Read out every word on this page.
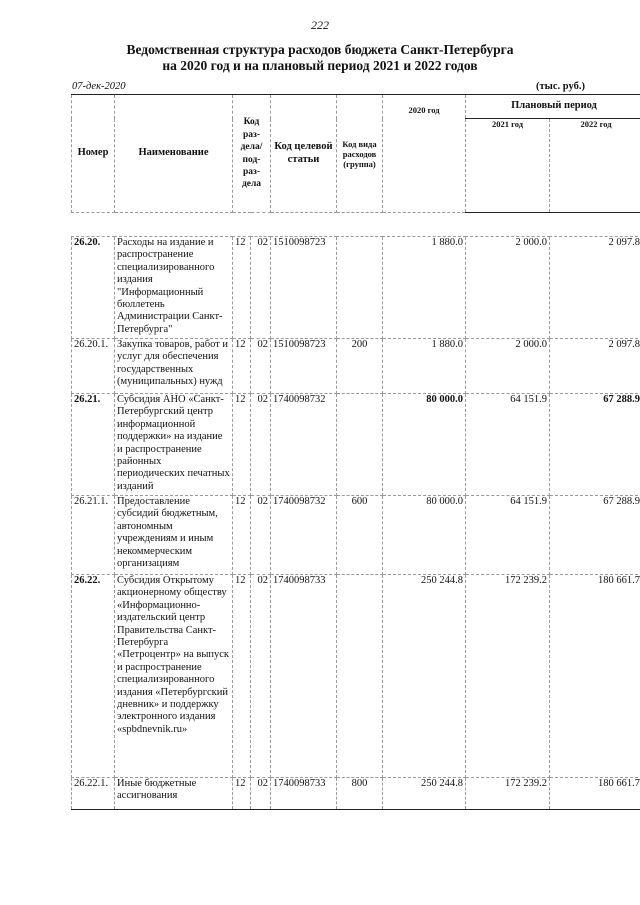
222
Ведомственная структура расходов бюджета Санкт-Петербурга
на 2020 год и на плановый период 2021 и 2022 годов
07-дек-2020	(тыс. руб.)
Номер	Наименование	Код раз- дела/ под- раз- дела		Код целевой статьи	Код вида расходов (группа)	2020 год	Плановый период	
							2021 год	2022 год

26.20.	Расходы на издание и распространение специализированного издания "Информационный бюллетень Администрации Санкт-Петербурга"	12	02	1510098723		1 880.0	2 000.0	2 097.8
26.20.1.	Закупка товаров, работ и услуг для обеспечения государственных (муниципальных) нужд	12	02	1510098723	200	1 880.0	2 000.0	2 097.8
26.21.	Субсидия АНО «Санкт-Петербургский центр информационной поддержки» на издание и распространение районных периодических печатных изданий	12	02	1740098732		80 000.0	64 151.9	67 288.9
26.21.1.	Предоставление субсидий бюджетным, автономным учреждениям и иным некоммерческим организациям	12	02	1740098732	600	80 000.0	64 151.9	67 288.9
26.22.	Субсидия Открытому акционерному обществу «Информационно-издательский центр Правительства Санкт-Петербурга «Петроцентр» на выпуск и распространение специализированного издания «Петербургский дневник» и поддержку электронного издания «spbdnevnik.ru»	12	02	1740098733		250 244.8	172 239.2	180 661.7
26.22.1.	Иные бюджетные ассигнования	12	02	1740098733	800	250 244.8	172 239.2	180 661.7
